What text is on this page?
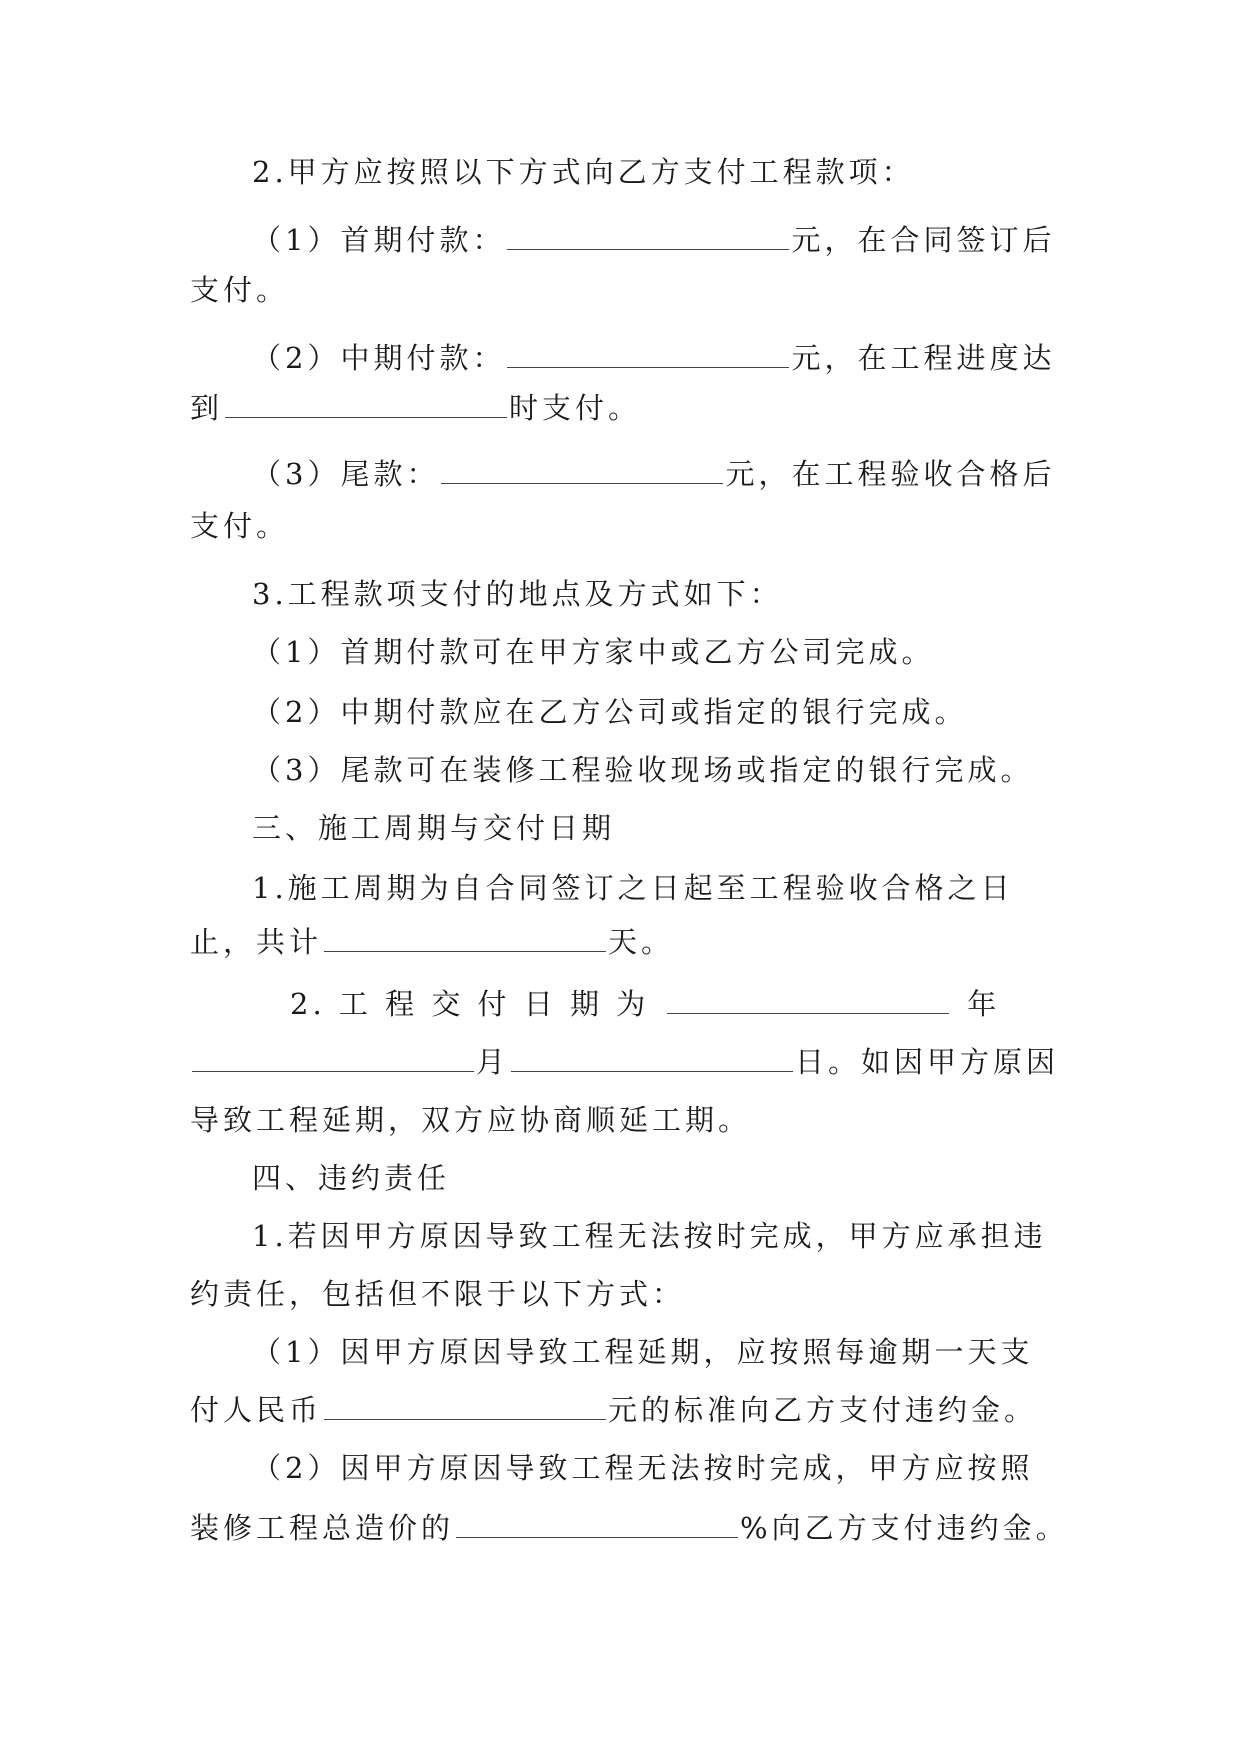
2.甲方应按照以下方式向乙方支付工程款项：
（1）首期付款：	元，在合同签订后
支付。
（2）中期付款：	元，在工程进度达
到	时支付。
（3）尾款：	元，在工程验收合格后
支付。
3.工程款项支付的地点及方式如下：
（1）首期付款可在甲方家中或乙方公司完成。
（2）中期付款应在乙方公司或指定的银行完成。
（3）尾款可在装修工程验收现场或指定的银行完成。
三、施工周期与交付日期
1.施工周期为自合同签订之日起至工程验收合格之日
止，共计	天。
2. 工 程 交 付 日 期 为	年
月	日。如因甲方原因
导致工程延期，双方应协商顺延工期。
四、违约责任
1.若因甲方原因导致工程无法按时完成，甲方应承担违
约责任，包括但不限于以下方式：
（1）因甲方原因导致工程延期，应按照每逾期一天支
付人民币	元的标准向乙方支付违约金。
（2）因甲方原因导致工程无法按时完成，甲方应按照
装修工程总造价的	%向乙方支付违约金。
